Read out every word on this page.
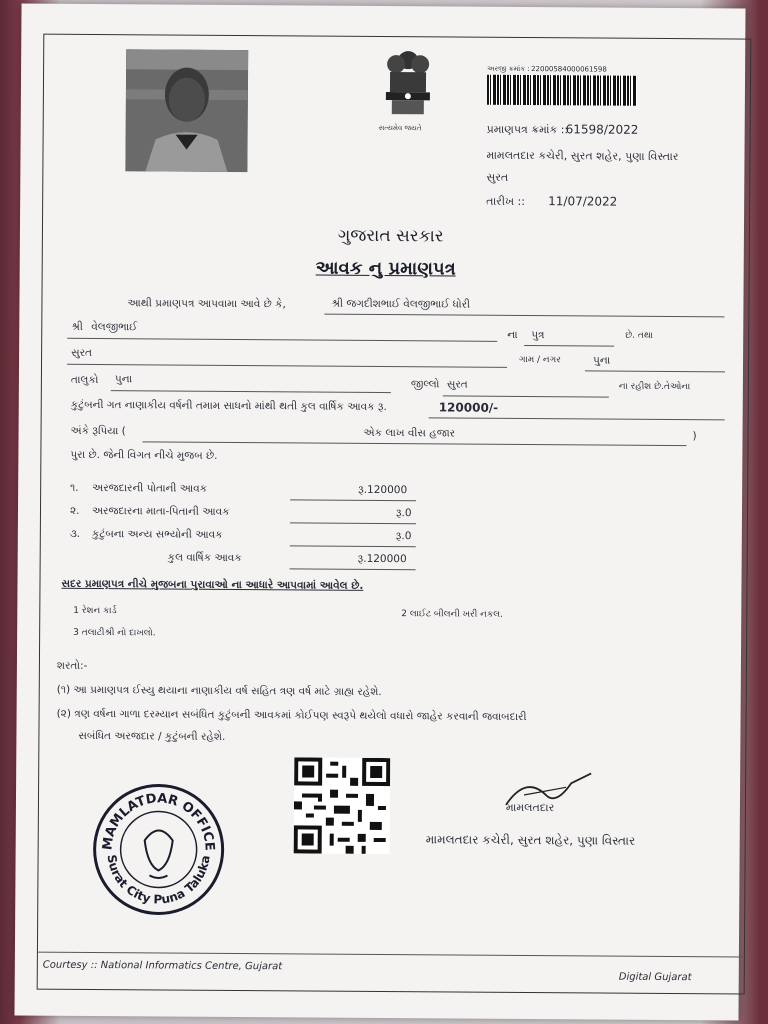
સત્યમેવ જયતે
અરજી ક્રમાંક : 22000584000061598
પ્રમાણપત્ર ક્રમાંક ::
61598/2022
મામલતદાર કચેરી, સુરત શહેર, પુણા વિસ્તાર
સુરત
તારીખ :: 11/07/2022
ગુજરાત સરકાર
આવક નુ પ્રમાણપત્ર
આથી પ્રમાણપત્ર આપવામા આવે છે કે,	શ્રી જગદીશભાઈ વેલજીભાઈ ધોરી
શ્રી વેલજીભાઈ
ના પુત્ર	છે. તથા
સુરત
ગામ / નગર	પુના
તાલુકો પુના	જીલ્લો સુરત	ના રહીશ છે.તેઓના
કુટુંબની ગત નાણાકીય વર્ષની તમામ સાધનો માંથી થતી કુલ વાર્ષિક આવક રૂ.	120000/-
અંકે રૂપિયા (	એક લાખ વીસ હજાર	)
પુરા છે. જેની વિગત નીચે મુજબ છે.
૧. અરજદારની પોતાની આવક	રૂ.120000
૨. અરજદારના માતા-પિતાની આવક	રૂ.0
૩. કુટુંબના અન્ય સભ્યોની આવક	રૂ.0
કુલ વાર્ષિક આવક	રૂ.120000
સદર પ્રમાણપત્ર નીચે મુજબના પુરાવાઓ ના આધારે આપવામાં આવેલ છે.
1 રેશન કાર્ડ	2 લાઈટ બીલની ખરી નકલ.
3 તલાટીશ્રી નો દાખલો.
શરતો:-
(૧) આ પ્રમાણપત્ર ઈસ્યુ થયાના નાણાકીય વર્ષ સહિત ત્રણ વર્ષ માટે ગ્રાહ્ય રહેશે.
(૨) ત્રણ વર્ષના ગાળા દરમ્યાન સબંધિત કુટુંબની આવકમાં કોઈપણ સ્વરૂપે થયેલો વધારો જાહેર કરવાની જવાબદારી
સબંધિત અરજદાર / કુટુંબની રહેશે.
MAMLATDAR OFFICE
Surat City Puna Taluka
મામલતદાર
મામલતદાર કચેરી, સુરત શહેર, પુણા વિસ્તાર
Courtesy :: National Informatics Centre, Gujarat
Digital Gujarat
